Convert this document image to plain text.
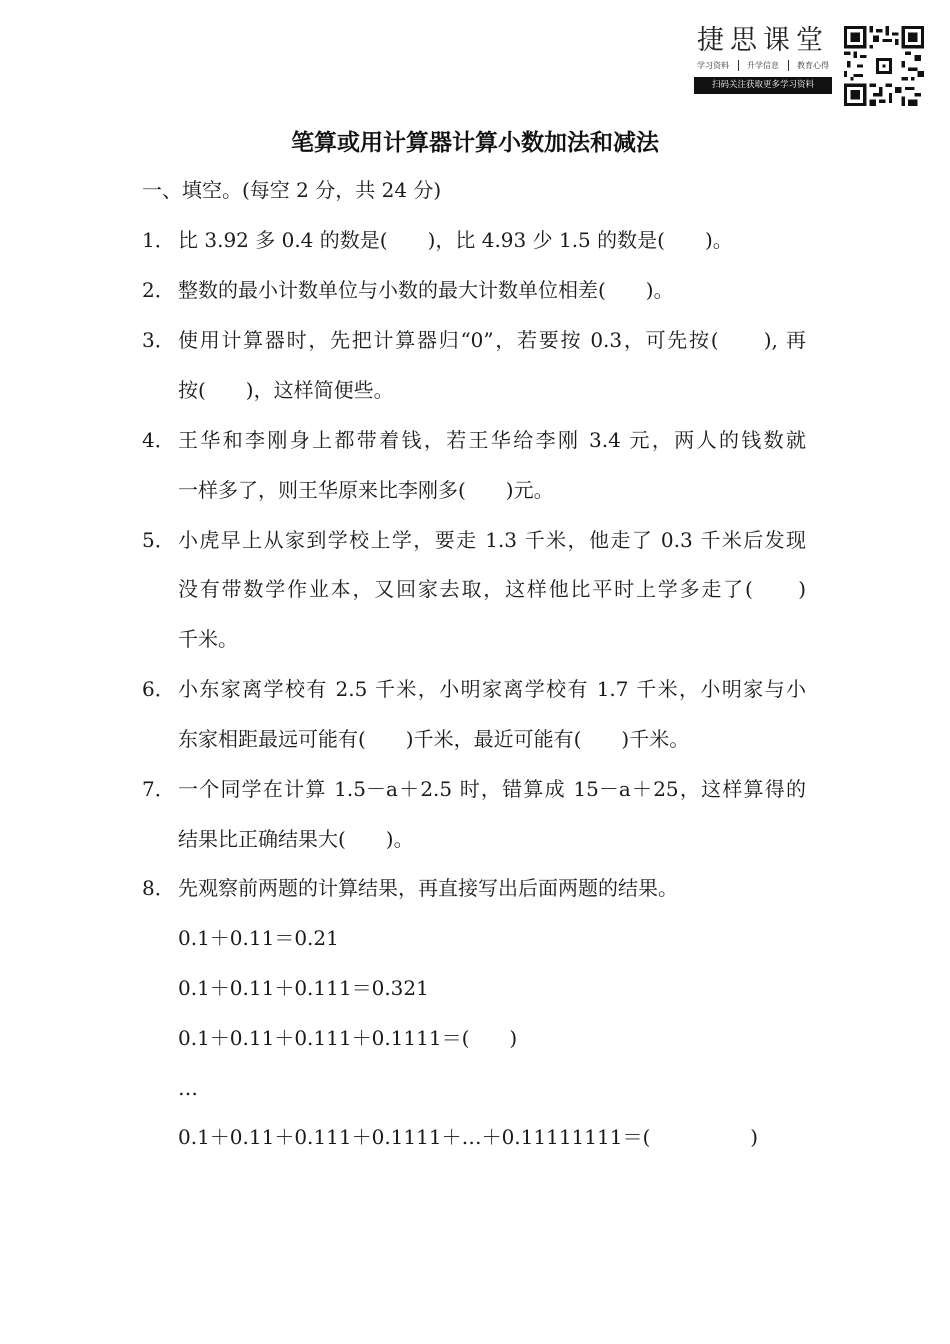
捷思课堂
学习资料 升学信息 教育心得
扫码关注获取更多学习资料
笔算或用计算器计算小数加法和减法
一、填空。(每空 2 分，共 24 分)
1． 比 3.92 多 0.4 的数是(　　)，比 4.93 少 1.5 的数是(　　)。
2． 整数的最小计数单位与小数的最大计数单位相差(　　)。
3． 使用计算器时，先把计算器归“0”，若要按 0.3，可先按(　　), 再
按(　　)，这样简便些。
4． 王华和李刚身上都带着钱，若王华给李刚 3.4 元，两人的钱数就
一样多了，则王华原来比李刚多(　　)元。
5． 小虎早上从家到学校上学，要走 1.3 千米，他走了 0.3 千米后发现
没有带数学作业本，又回家去取，这样他比平时上学多走了(　　)
千米。
6． 小东家离学校有 2.5 千米，小明家离学校有 1.7 千米，小明家与小
东家相距最远可能有(　　)千米，最近可能有(　　)千米。
7． 一个同学在计算 1.5－a＋2.5 时，错算成 15－a＋25，这样算得的
结果比正确结果大(　　)。
8． 先观察前两题的计算结果，再直接写出后面两题的结果。
0.1＋0.11＝0.21
0.1＋0.11＋0.111＝0.321
0.1＋0.11＋0.111＋0.1111＝(　　)
…
0.1＋0.11＋0.111＋0.1111＋…＋0.11111111＝(　　　　　)
